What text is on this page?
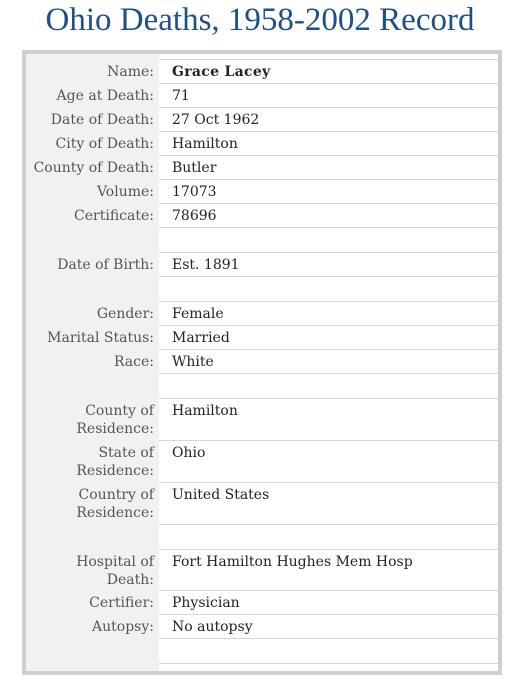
Ohio Deaths, 1958-2002 Record
Name:	Grace Lacey
Age at Death:	71
Date of Death:	27 Oct 1962
City of Death:	Hamilton
County of Death:	Butler
Volume:	17073
Certificate:	78696

Date of Birth:	Est. 1891

Gender:	Female
Marital Status:	Married
Race:	White

County of Residence:	Hamilton
State of Residence:	Ohio
Country of Residence:	United States

Hospital of Death:	Fort Hamilton Hughes Mem Hosp
Certifier:	Physician
Autopsy:	No autopsy
